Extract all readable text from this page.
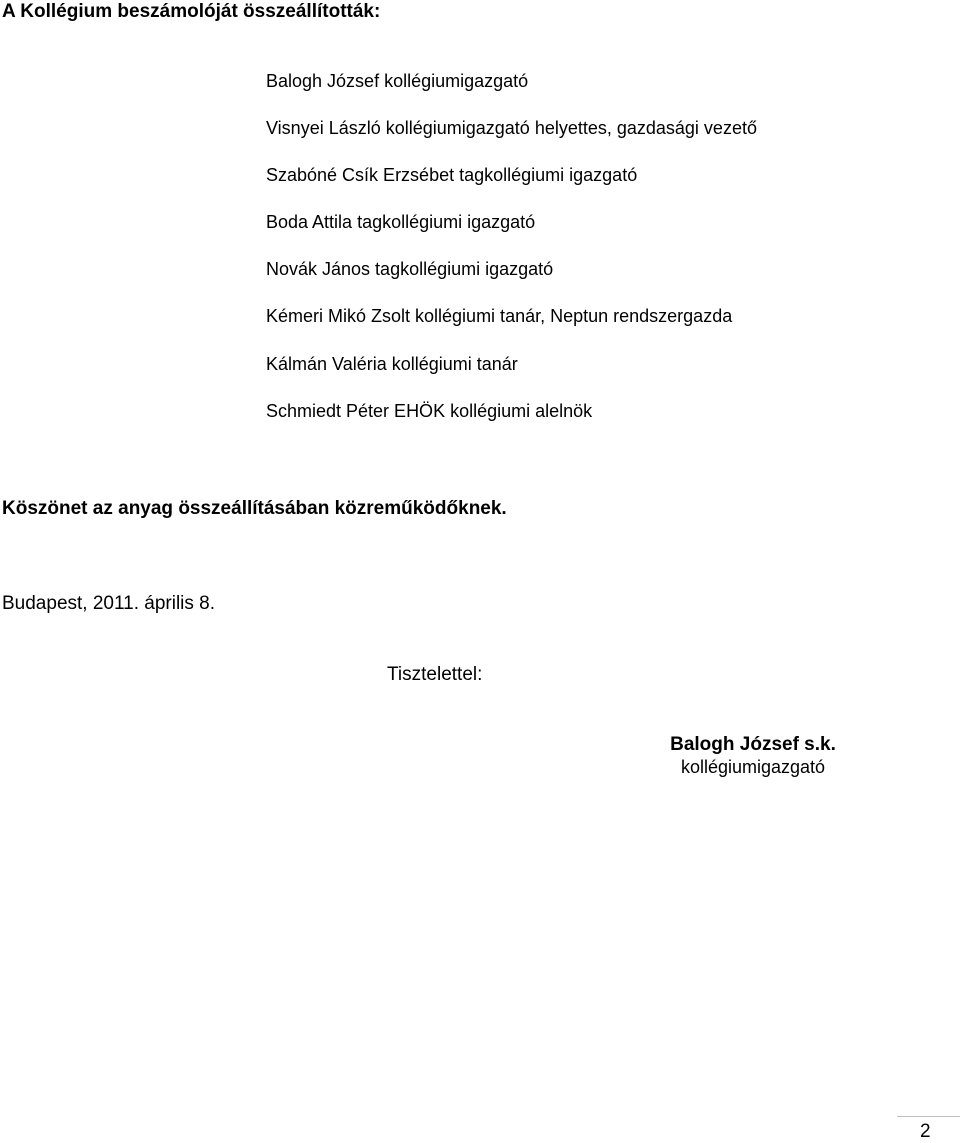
A Kollégium beszámolóját összeállították:
Balogh József kollégiumigazgató
Visnyei László kollégiumigazgató helyettes, gazdasági vezető
Szabóné Csík Erzsébet tagkollégiumi igazgató
Boda Attila tagkollégiumi igazgató
Novák János tagkollégiumi igazgató
Kémeri Mikó Zsolt kollégiumi tanár, Neptun rendszergazda
Kálmán Valéria kollégiumi tanár
Schmiedt Péter EHÖK kollégiumi alelnök
Köszönet az anyag összeállításában közreműködőknek.
Budapest, 2011. április 8.
Tisztelettel:
Balogh József s.k.
kollégiumigazgató
2
